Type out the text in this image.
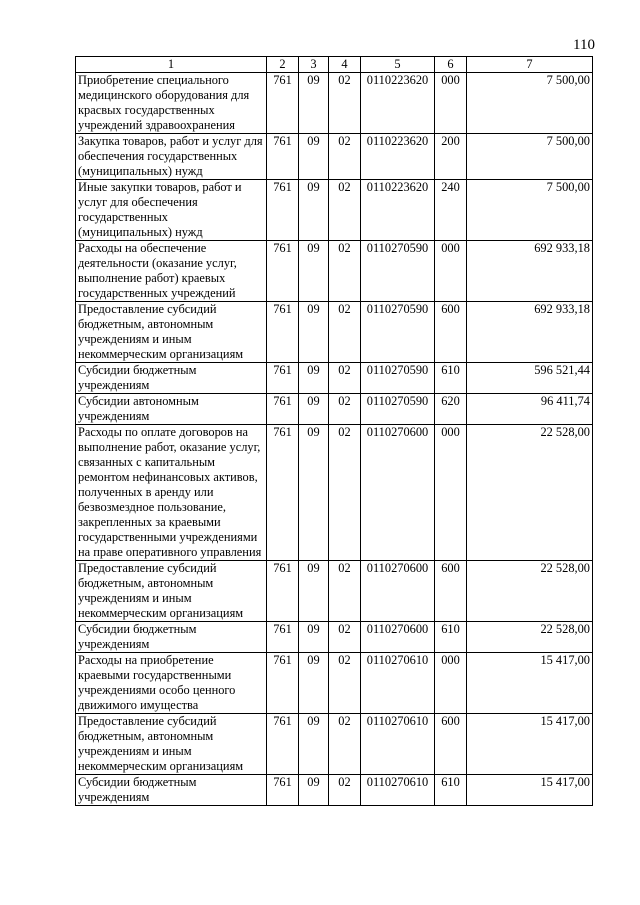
110
1	2	3	4	5	6	7
Приобретение специального медицинского оборудования для красвых государственных учреждений здравоохранения	761	09	02	0110223620	000	7 500,00
Закупка товаров, работ и услуг для обеспечения государственных (муниципальных) нужд	761	09	02	0110223620	200	7 500,00
Иные закупки товаров, работ и услуг для обеспечения государственных (муниципальных) нужд	761	09	02	0110223620	240	7 500,00
Расходы на обеспечение деятельности (оказание услуг, выполнение работ) краевых государственных учреждений	761	09	02	0110270590	000	692 933,18
Предоставление субсидий бюджетным, автономным учреждениям и иным некоммерческим организациям	761	09	02	0110270590	600	692 933,18
Субсидии бюджетным учреждениям	761	09	02	0110270590	610	596 521,44
Субсидии автономным учреждениям	761	09	02	0110270590	620	96 411,74
Расходы по оплате договоров на выполнение работ, оказание услуг, связанных с капитальным ремонтом нефинансовых активов, полученных в аренду или безвозмездное пользование, закрепленных за краевыми государственными учреждениями на праве оперативного управления	761	09	02	0110270600	000	22 528,00
Предоставление субсидий бюджетным, автономным учреждениям и иным некоммерческим организациям	761	09	02	0110270600	600	22 528,00
Субсидии бюджетным учреждениям	761	09	02	0110270600	610	22 528,00
Расходы на приобретение краевыми государственными учреждениями особо ценного движимого имущества	761	09	02	0110270610	000	15 417,00
Предоставление субсидий бюджетным, автономным учреждениям и иным некоммерческим организациям	761	09	02	0110270610	600	15 417,00
Субсидии бюджетным учреждениям	761	09	02	0110270610	610	15 417,00
